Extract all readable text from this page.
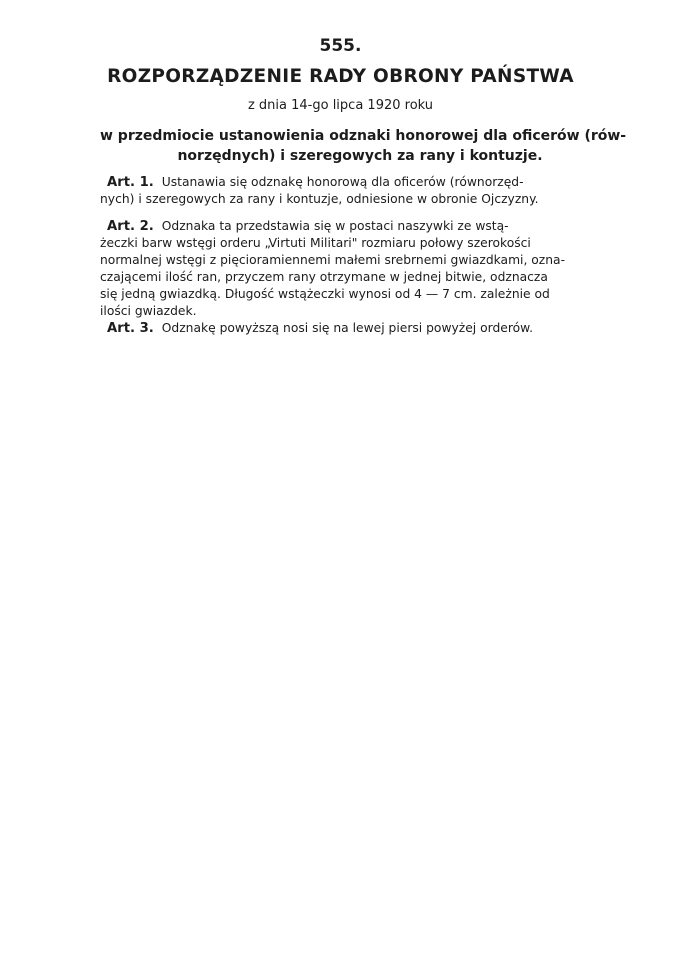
555.
ROZPORZĄDZENIE RADY OBRONY PAŃSTWA
z dnia 14-go lipca 1920 roku
w przedmiocie ustanowienia odznaki honorowej dla oficerów (rów-
norzędnych) i szeregowych za rany i kontuzje.
Art. 1. Ustanawia się odznakę honorową dla oficerów (równorzęd-
nych) i szeregowych za rany i kontuzje, odniesione w obronie Ojczyzny.
Art. 2. Odznaka ta przedstawia się w postaci naszywki ze wstą-
żeczki barw wstęgi orderu „Virtuti Militari" rozmiaru połowy szerokości
normalnej wstęgi z pięcioramiennemi małemi srebrnemi gwiazdkami, ozna-
czającemi ilość ran, przyczem rany otrzymane w jednej bitwie, odznacza
się jedną gwiazdką. Długość wstążeczki wynosi od 4 — 7 cm. zależnie od
ilości gwiazdek.
Art. 3. Odznakę powyższą nosi się na lewej piersi powyżej orderów.
